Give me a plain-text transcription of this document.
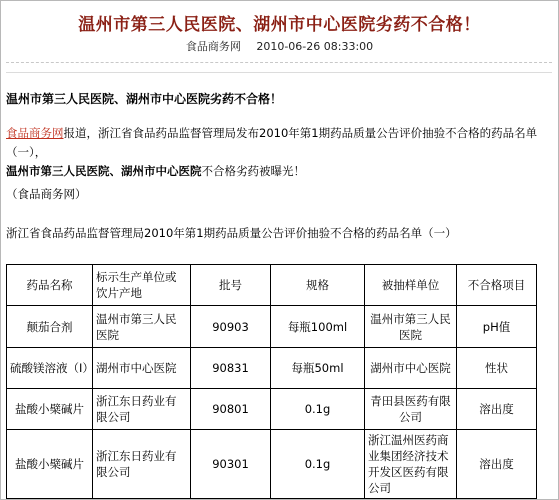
温州市第三人民医院、湖州市中心医院劣药不合格！
食品商务网 2010-06-26 08:33:00
温州市第三人民医院、湖州市中心医院劣药不合格！
食品商务网报道，浙江省食品药品监督管理局发布2010年第1期药品质量公告评价抽验不合格的药品名单（一），
温州市第三人民医院、湖州市中心医院不合格劣药被曝光！
（食品商务网）
浙江省食品药品监督管理局2010年第1期药品质量公告评价抽验不合格的药品名单（一）
药品名称	标示生产单位或饮片产地	批号	规格	被抽样单位	不合格项目
颠茄合剂	温州市第三人民医院	90903	每瓶100ml	温州市第三人民医院	pH值
硫酸镁溶液（Ⅰ）	湖州市中心医院	90831	每瓶50ml	湖州市中心医院	性状
盐酸小檗碱片	浙江东日药业有限公司	90801	0.1g	青田县医药有限公司	溶出度
盐酸小檗碱片	浙江东日药业有限公司	90301	0.1g	浙江温州医药商业集团经济技术开发区医药有限公司	溶出度
